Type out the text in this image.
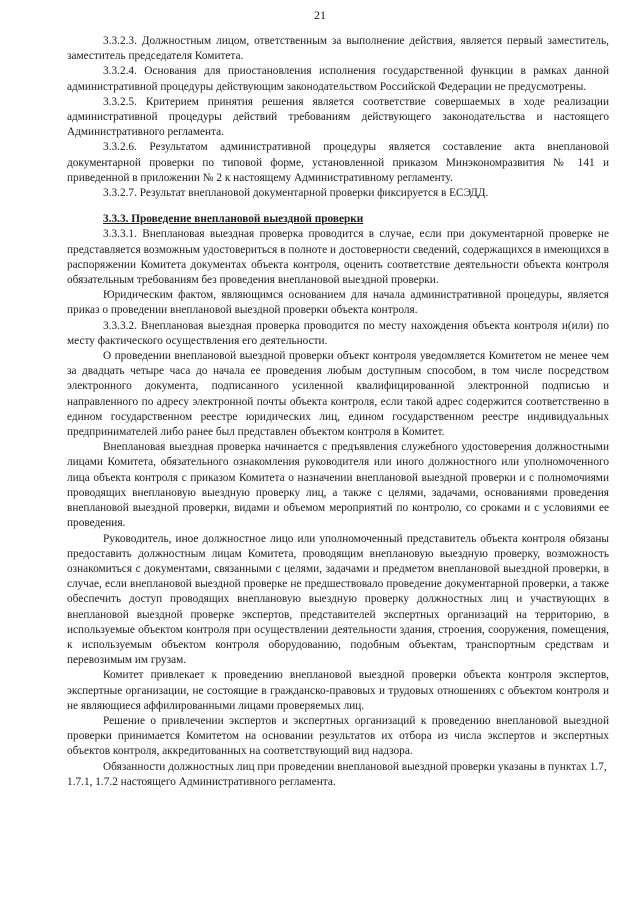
21

3.3.2.3. Должностным лицом, ответственным за выполнение действия, является первый заместитель, заместитель председателя Комитета.

3.3.2.4. Основания для приостановления исполнения государственной функции в рамках данной административной процедуры действующим законодательством Российской Федерации не предусмотрены.

3.3.2.5. Критерием принятия решения является соответствие совершаемых в ходе реализации административной процедуры действий требованиям действующего законодательства и настоящего Административного регламента.

3.3.2.6. Результатом административной процедуры является составление акта внеплановой документарной проверки по типовой форме, установленной приказом Минэкономразвития № 141 и приведенной в приложении № 2 к настоящему Административному регламенту.

3.3.2.7. Результат внеплановой документарной проверки фиксируется в ЕСЭДД.

3.3.3. Проведение внеплановой выездной проверки

3.3.3.1. Внеплановая выездная проверка проводится в случае, если при документарной проверке не представляется возможным удостовериться в полноте и достоверности сведений, содержащихся в имеющихся в распоряжении Комитета документах объекта контроля, оценить соответствие деятельности объекта контроля обязательным требованиям без проведения внеплановой выездной проверки.

Юридическим фактом, являющимся основанием для начала административной процедуры, является приказ о проведении внеплановой выездной проверки объекта контроля.

3.3.3.2. Внеплановая выездная проверка проводится по месту нахождения объекта контроля и(или) по месту фактического осуществления его деятельности.

О проведении внеплановой выездной проверки объект контроля уведомляется Комитетом не менее чем за двадцать четыре часа до начала ее проведения любым доступным способом, в том числе посредством электронного документа, подписанного усиленной квалифицированной электронной подписью и направленного по адресу электронной почты объекта контроля, если такой адрес содержится соответственно в едином государственном реестре юридических лиц, едином государственном реестре индивидуальных предпринимателей либо ранее был представлен объектом контроля в Комитет.

Внеплановая выездная проверка начинается с предъявления служебного удостоверения должностными лицами Комитета, обязательного ознакомления руководителя или иного должностного или уполномоченного лица объекта контроля с приказом Комитета о назначении внеплановой выездной проверки и с полномочиями проводящих внеплановую выездную проверку лиц, а также с целями, задачами, основаниями проведения внеплановой выездной проверки, видами и объемом мероприятий по контролю, со сроками и с условиями ее проведения.

Руководитель, иное должностное лицо или уполномоченный представитель объекта контроля обязаны предоставить должностным лицам Комитета, проводящим внеплановую выездную проверку, возможность ознакомиться с документами, связанными с целями, задачами и предметом внеплановой выездной проверки, в случае, если внеплановой выездной проверке не предшествовало проведение документарной проверки, а также обеспечить доступ проводящих внеплановую выездную проверку должностных лиц и участвующих в внеплановой выездной проверке экспертов, представителей экспертных организаций на территорию, в используемые объектом контроля при осуществлении деятельности здания, строения, сооружения, помещения, к используемым объектом контроля оборудованию, подобным объектам, транспортным средствам и перевозимым им грузам.

Комитет привлекает к проведению внеплановой выездной проверки объекта контроля экспертов, экспертные организации, не состоящие в гражданско-правовых и трудовых отношениях с объектом контроля и не являющиеся аффилированными лицами проверяемых лиц.

Решение о привлечении экспертов и экспертных организаций к проведению внеплановой выездной проверки принимается Комитетом на основании результатов их отбора из числа экспертов и экспертных объектов контроля, аккредитованных на соответствующий вид надзора.

Обязанности должностных лиц при проведении внеплановой выездной проверки указаны в пунктах 1.7, 1.7.1, 1.7.2 настоящего Административного регламента.
